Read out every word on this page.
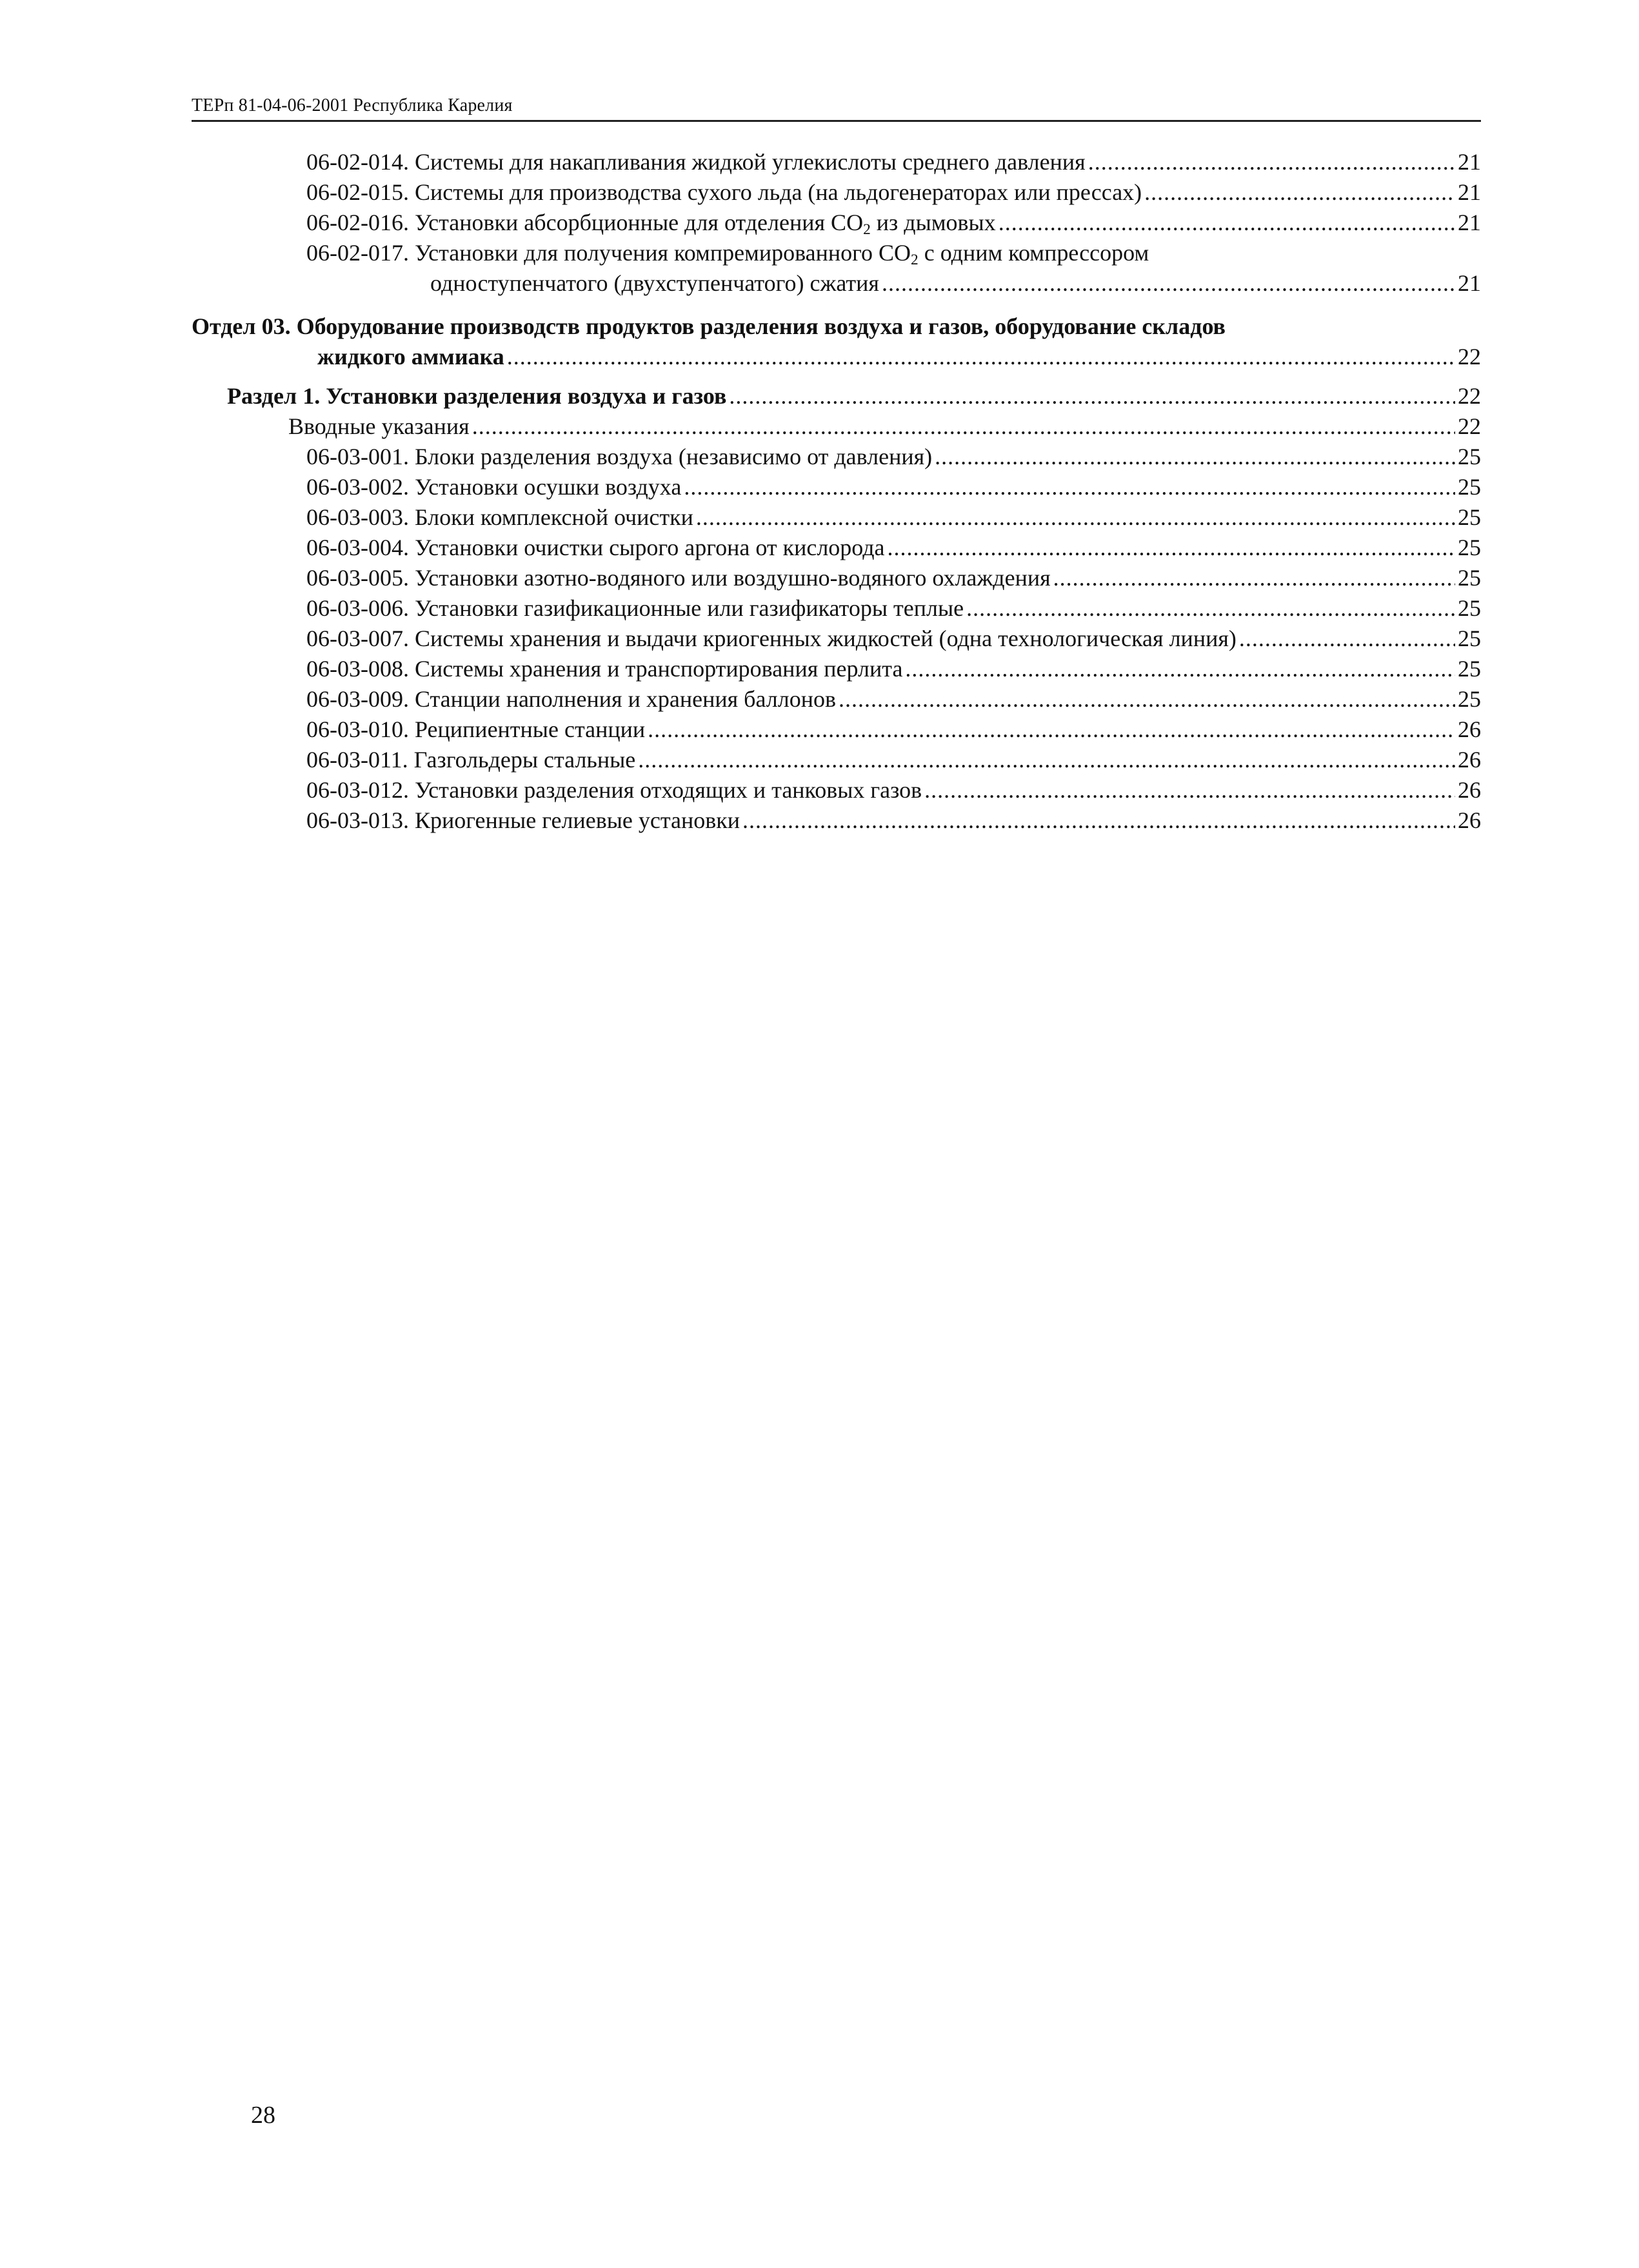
ТЕРп 81-04-06-2001 Республика Карелия
06-02-014. Системы для накапливания жидкой углекислоты среднего давления .....	21
06-02-015. Системы для производства сухого льда (на льдогенераторах или прессах) .....	21
06-02-016. Установки абсорбционные для отделения $СО_2$ из дымовых .....	21
06-02-017. Установки для получения компремированного $СО_2$ с одним компрессором
одноступенчатого (двухступенчатого) сжатия .....	21
Отдел 03. Оборудование производств продуктов разделения воздуха и газов, оборудование складов
жидкого аммиака .....	22
Раздел 1. Установки разделения воздуха и газов .....	22
Вводные указания .....	22
06-03-001. Блоки разделения воздуха (независимо от давления) .....	25
06-03-002. Установки осушки воздуха .....	25
06-03-003. Блоки комплексной очистки .....	25
06-03-004. Установки очистки сырого аргона от кислорода .....	25
06-03-005. Установки азотно-водяного или воздушно-водяного охлаждения .....	25
06-03-006. Установки газификационные или газификаторы теплые .....	25
06-03-007. Системы хранения и выдачи криогенных жидкостей (одна технологическая линия) .....	25
06-03-008. Системы хранения и транспортирования перлита .....	25
06-03-009. Станции наполнения и хранения баллонов .....	25
06-03-010. Реципиентные станции .....	26
06-03-011. Газгольдеры стальные .....	26
06-03-012. Установки разделения отходящих и танковых газов .....	26
06-03-013. Криогенные гелиевые установки .....	26
28
